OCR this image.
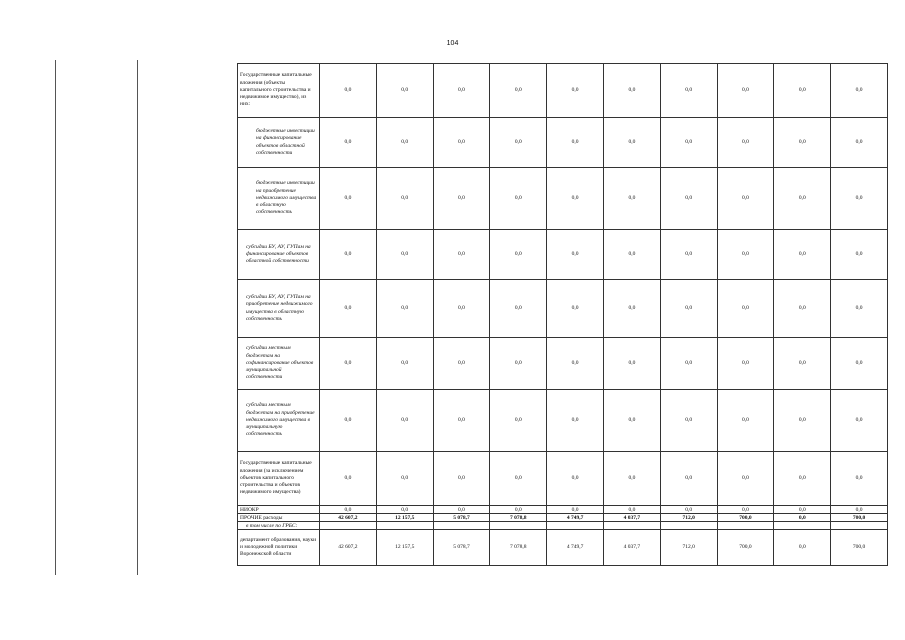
104
Государственные капитальные вложения (объекты капитального строительства и недвижимое имущество), из них:	0,0	0,0	0,0	0,0	0,0	0,0	0,0	0,0	0,0	0,0
бюджетные инвестиции на финансирование объектов областной собственности	0,0	0,0	0,0	0,0	0,0	0,0	0,0	0,0	0,0	0,0
бюджетные инвестиции на приобретение недвижимого имущества в областную собственность	0,0	0,0	0,0	0,0	0,0	0,0	0,0	0,0	0,0	0,0
субсидии БУ, АУ, ГУПам на финансирование объектов областной собственности	0,0	0,0	0,0	0,0	0,0	0,0	0,0	0,0	0,0	0,0
субсидии БУ, АУ, ГУПам на приобретение недвижимого имущества в областную собственность	0,0	0,0	0,0	0,0	0,0	0,0	0,0	0,0	0,0	0,0
субсидии местным бюджетам на софинансирование объектов муниципальной собственности	0,0	0,0	0,0	0,0	0,0	0,0	0,0	0,0	0,0	0,0
субсидии местным бюджетам на приобретение недвижимого имущества в муниципальную собственность	0,0	0,0	0,0	0,0	0,0	0,0	0,0	0,0	0,0	0,0
Государственные капитальные вложения (за исключением объектов капитального строительства и объектов недвижимого имущества)	0,0	0,0	0,0	0,0	0,0	0,0	0,0	0,0	0,0	0,0
НИОКР	0,0	0,0	0,0	0,0	0,0	0,0	0,0	0,0	0,0	0,0
ПРОЧИЕ расходы	42 607,2	12 157,5	5 078,7	7 078,8	4 749,7	4 037,7	712,0	700,0	0,0	700,0
в том числе по ГРБС:										
департамент образования, науки и молодежной политики Воронежской области	42 607,2	12 157,5	5 078,7	7 078,8	4 749,7	4 037,7	712,0	700,0	0,0	700,0
